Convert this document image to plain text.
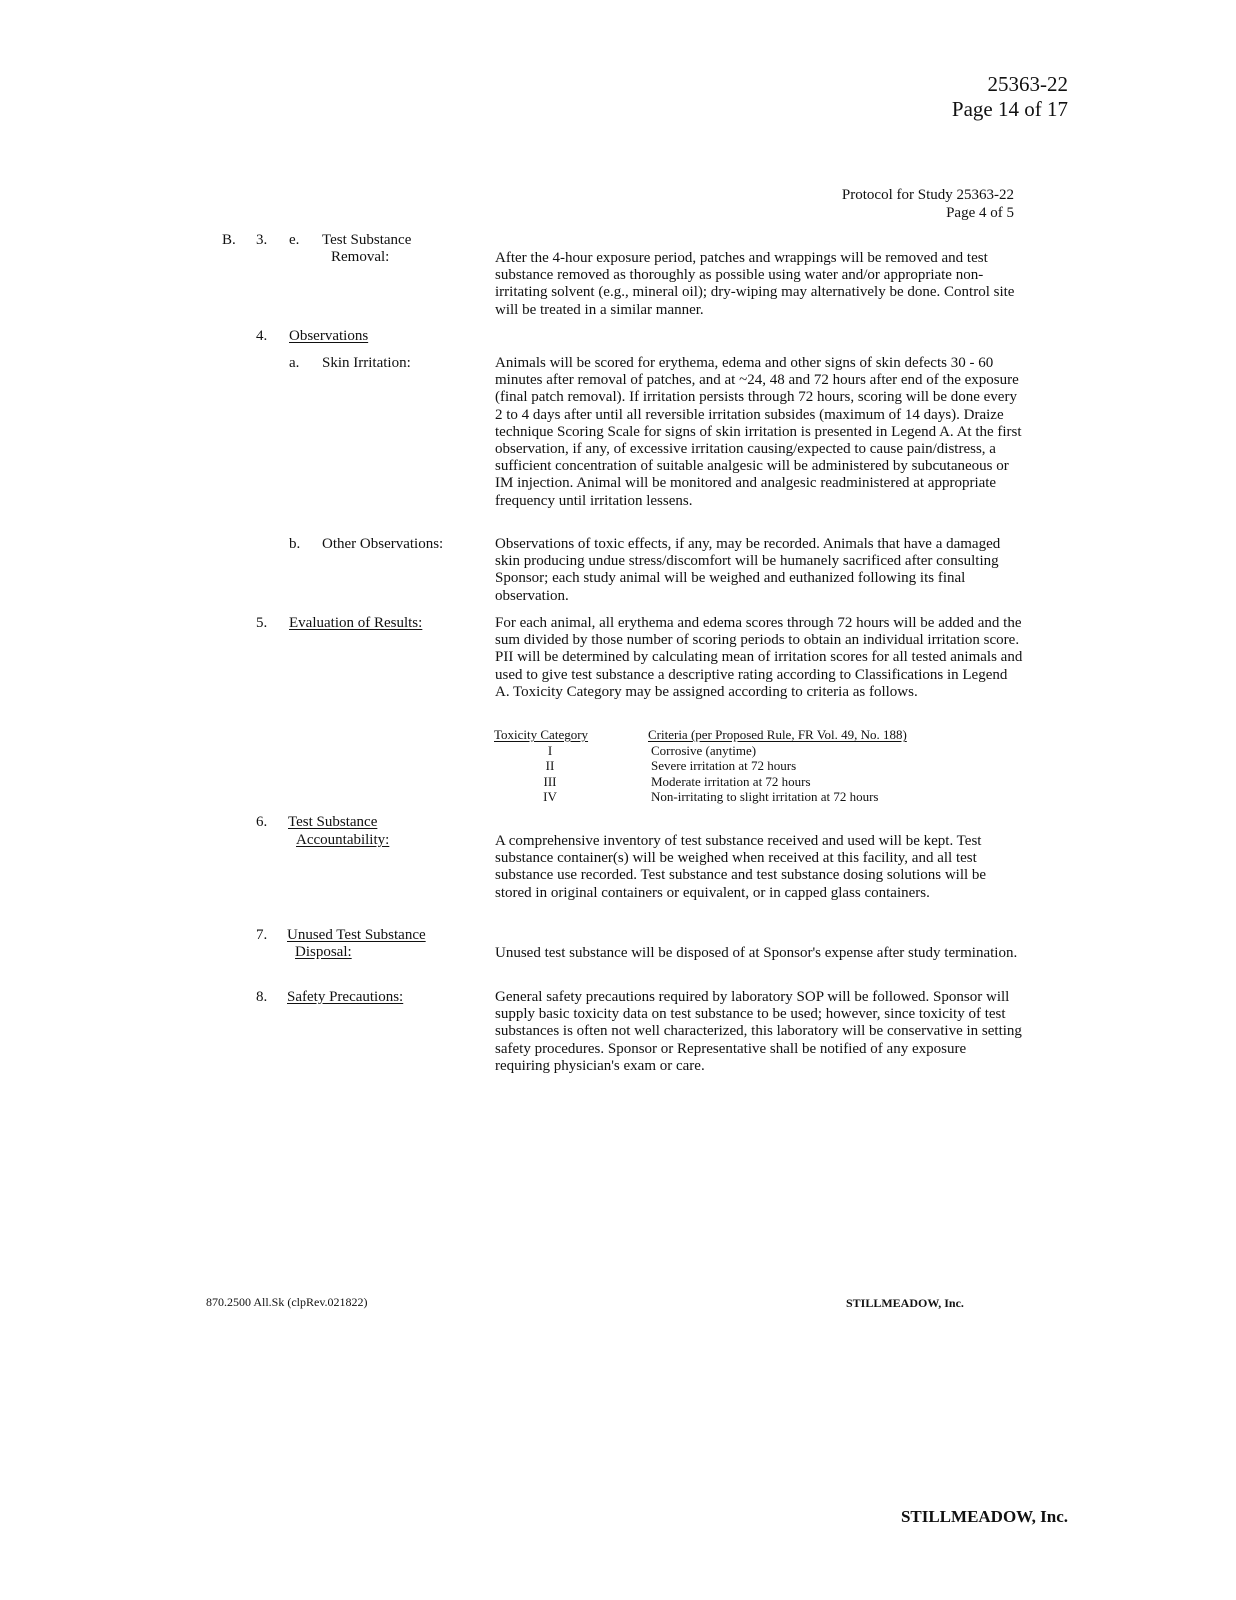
25363-22
Page 14 of 17
Protocol for Study 25363-22
Page 4 of 5
B. 3. e. Test Substance
Removal:	After the 4-hour exposure period, patches and wrappings will be removed and test substance removed as thoroughly as possible using water and/or appropriate non-irritating solvent (e.g., mineral oil); dry-wiping may alternatively be done. Control site will be treated in a similar manner.
4. Observations
a. Skin Irritation:	Animals will be scored for erythema, edema and other signs of skin defects 30 - 60 minutes after removal of patches, and at ~24, 48 and 72 hours after end of the exposure (final patch removal). If irritation persists through 72 hours, scoring will be done every 2 to 4 days after until all reversible irritation subsides (maximum of 14 days). Draize technique Scoring Scale for signs of skin irritation is presented in Legend A. At the first observation, if any, of excessive irritation causing/expected to cause pain/distress, a sufficient concentration of suitable analgesic will be administered by subcutaneous or IM injection. Animal will be monitored and analgesic readministered at appropriate frequency until irritation lessens.
b. Other Observations:	Observations of toxic effects, if any, may be recorded. Animals that have a damaged skin producing undue stress/discomfort will be humanely sacrificed after consulting Sponsor; each study animal will be weighed and euthanized following its final observation.
5. Evaluation of Results:	For each animal, all erythema and edema scores through 72 hours will be added and the sum divided by those number of scoring periods to obtain an individual irritation score. PII will be determined by calculating mean of irritation scores for all tested animals and used to give test substance a descriptive rating according to Classifications in Legend A. Toxicity Category may be assigned according to criteria as follows.
Toxicity Category	Criteria (per Proposed Rule, FR Vol. 49, No. 188)
I	Corrosive (anytime)
II	Severe irritation at 72 hours
III	Moderate irritation at 72 hours
IV	Non-irritating to slight irritation at 72 hours
6. Test Substance
Accountability:	A comprehensive inventory of test substance received and used will be kept. Test substance container(s) will be weighed when received at this facility, and all test substance use recorded. Test substance and test substance dosing solutions will be stored in original containers or equivalent, or in capped glass containers.
7. Unused Test Substance
Disposal:	Unused test substance will be disposed of at Sponsor's expense after study termination.
8. Safety Precautions:	General safety precautions required by laboratory SOP will be followed. Sponsor will supply basic toxicity data on test substance to be used; however, since toxicity of test substances is often not well characterized, this laboratory will be conservative in setting safety procedures. Sponsor or Representative shall be notified of any exposure requiring physician's exam or care.
870.2500 All.Sk (clpRev.021822)	STILLMEADOW, Inc.
STILLMEADOW, Inc.
